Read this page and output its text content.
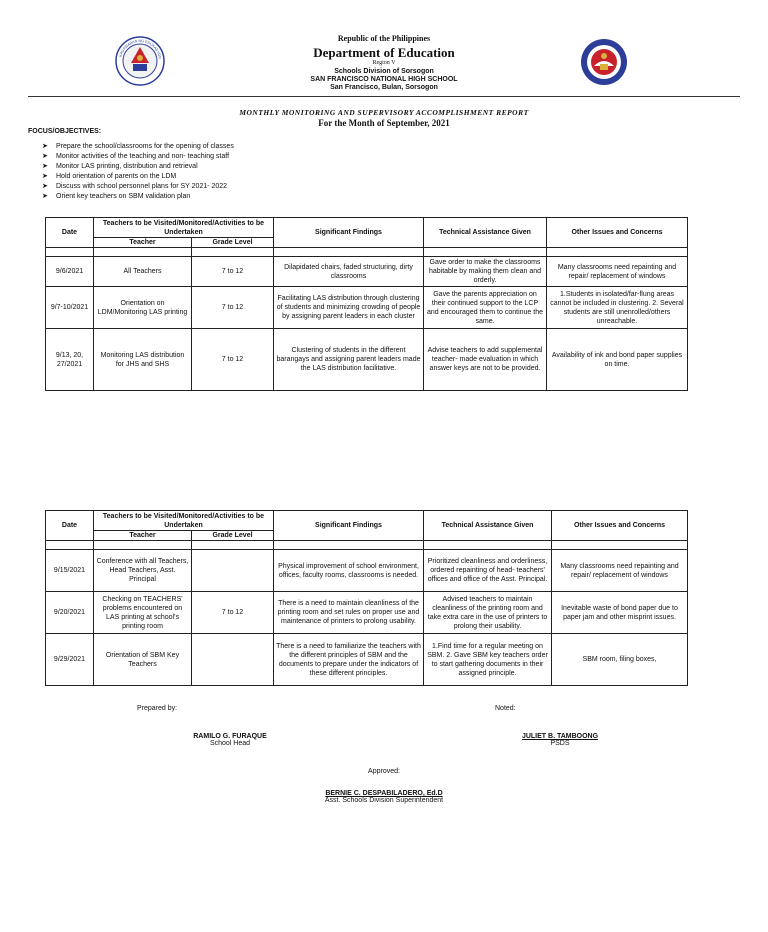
KAGAWARAN NG EDUKASYON
Republic of the Philippines
Department of Education
Region V
Schools Division of Sorsogon
SAN FRANCISCO NATIONAL HIGH SCHOOL
San Francisco, Bulan, Sorsogon
MONTHLY MONITORING AND SUPERVISORY ACCOMPLISHMENT REPORT
For the Month of September, 2021
FOCUS/OBJECTIVES:
➤ Prepare the school/classrooms for the opening of classes
➤ Monitor activities of the teaching and non- teaching staff
➤ Monitor LAS printing, distribution and retrieval
➤ Hold orientation of parents on the LDM
➤ Discuss with school personnel plans for SY 2021- 2022
➤ Orient key teachers on SBM validation plan
Date	Teachers to be Visited/Monitored/Activities to be Undertaken		Significant Findings	Technical Assistance Given	Other Issues and Concerns
	Teacher	Grade Level			

9/6/2021	All Teachers	7 to 12	Dilapidated chairs, faded structuring, dirty classrooms	Gave order to make the classrooms habitable by making them clean and orderly.	Many classrooms need repainting and repair/ replacement of windows
9/7-10/2021	Orientation on LDM/Monitoring LAS printing	7 to 12	Facilitating LAS distribution through clustering of students and minimizing crowding of people by assigning parent leaders in each cluster	Gave the parents appreciation on their continued support to the LCP and encouraged them to continue the same.	1.Students in isolated/far-flung areas cannot be included in clustering. 2. Several students are still unenrolled/others unreachable.
9/13, 20, 27/2021	Monitoring LAS distribution for JHS and SHS	7 to 12	Clustering of students in the different barangays and assigning parent leaders made the LAS distribution facilitative.	Advise teachers to add supplemental teacher- made evaluation in which answer keys are not to be provided.	Availability of ink and bond paper supplies on time.
Date	Teachers to be Visited/Monitored/Activities to be Undertaken		Significant Findings	Technical Assistance Given	Other Issues and Concerns
	Teacher	Grade Level			

9/15/2021	Conference with all Teachers, Head Teachers, Asst. Principal		Physical improvement of school environment, offices, faculty rooms, classrooms is needed.	Prioritized cleanliness and orderliness, ordered repainting of head- teachers' offices and office of the Asst. Principal.	Many classrooms need repainting and repair/ replacement of windows
9/20/2021	Checking on TEACHERS' problems encountered on LAS printing at school's printing room	7 to 12	There is a need to maintain cleanliness of the printing room and set rules on proper use and maintenance of printers to prolong usability.	Advised teachers to maintain cleanliness of the printing room and take extra care in the use of printers to prolong their usability.	Inevitable waste of bond paper due to paper jam and other misprint issues.
9/29/2021	Orientation of SBM Key Teachers		There is a need to familiarize the teachers with the different principles of SBM and the documents to prepare under the indicators of these different principles.	1.Find time for a regular meeting on SBM. 2. Gave SBM key teachers order to start gathering documents in their assigned principle.	SBM room, filing boxes,
Prepared by:	Noted:
RAMILO G. FURAQUE
School Head
JULIET B. TAMBOONG
PSDS
Approved:
BERNIE C. DESPABILADERO, Ed.D
Asst. Schools Division Superintendent
